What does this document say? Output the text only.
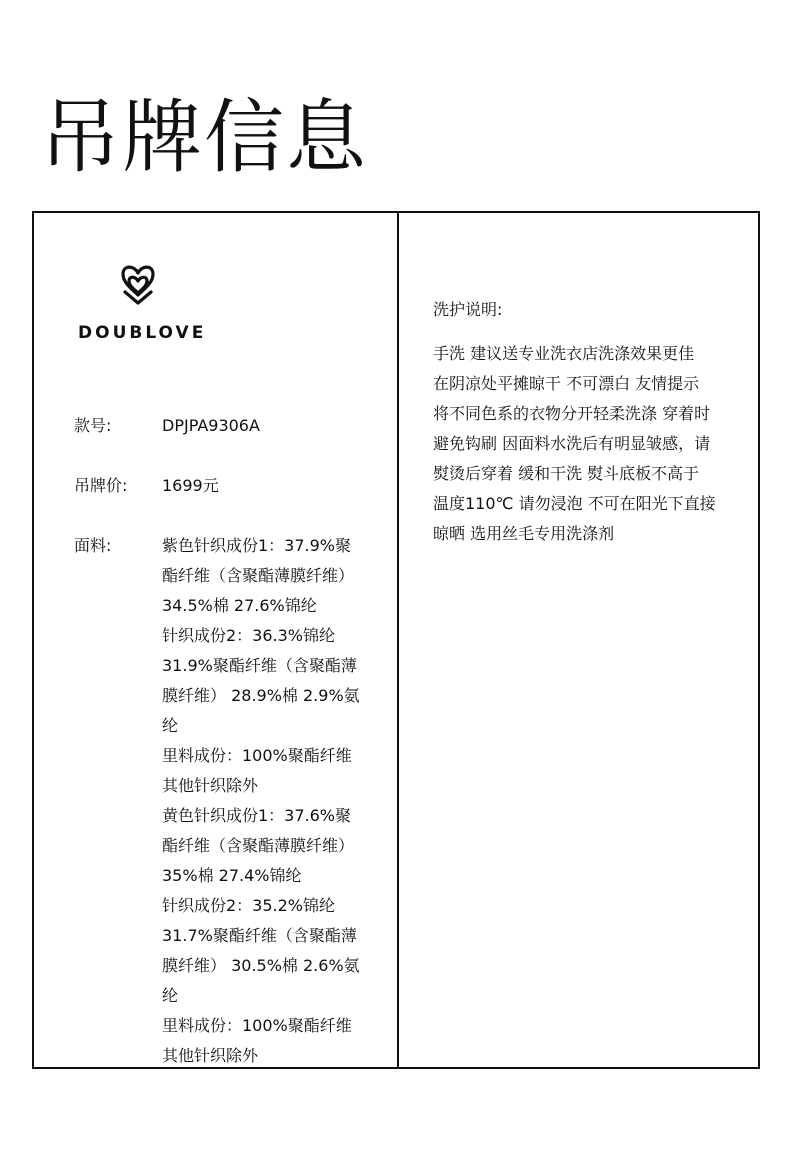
吊牌信息
DOUBLOVE
款号:	DPJPA9306A
吊牌价: 1699元
面料:	紫色针织成份1：37.9%聚
酯纤维（含聚酯薄膜纤维）
34.5%棉 27.6%锦纶
针织成份2：36.3%锦纶
31.9%聚酯纤维（含聚酯薄
膜纤维） 28.9%棉 2.9%氨
纶
里料成份：100%聚酯纤维
其他针织除外
黄色针织成份1：37.6%聚
酯纤维（含聚酯薄膜纤维）
35%棉 27.4%锦纶
针织成份2：35.2%锦纶
31.7%聚酯纤维（含聚酯薄
膜纤维） 30.5%棉 2.6%氨
纶
里料成份：100%聚酯纤维
其他针织除外
洗护说明:
手洗 建议送专业洗衣店洗涤效果更佳
在阴凉处平摊晾干 不可漂白 友情提示
将不同色系的衣物分开轻柔洗涤 穿着时
避免钩刷 因面料水洗后有明显皱感，请
熨烫后穿着 缓和干洗 熨斗底板不高于
温度110℃ 请勿浸泡 不可在阳光下直接
晾晒 选用丝毛专用洗涤剂
